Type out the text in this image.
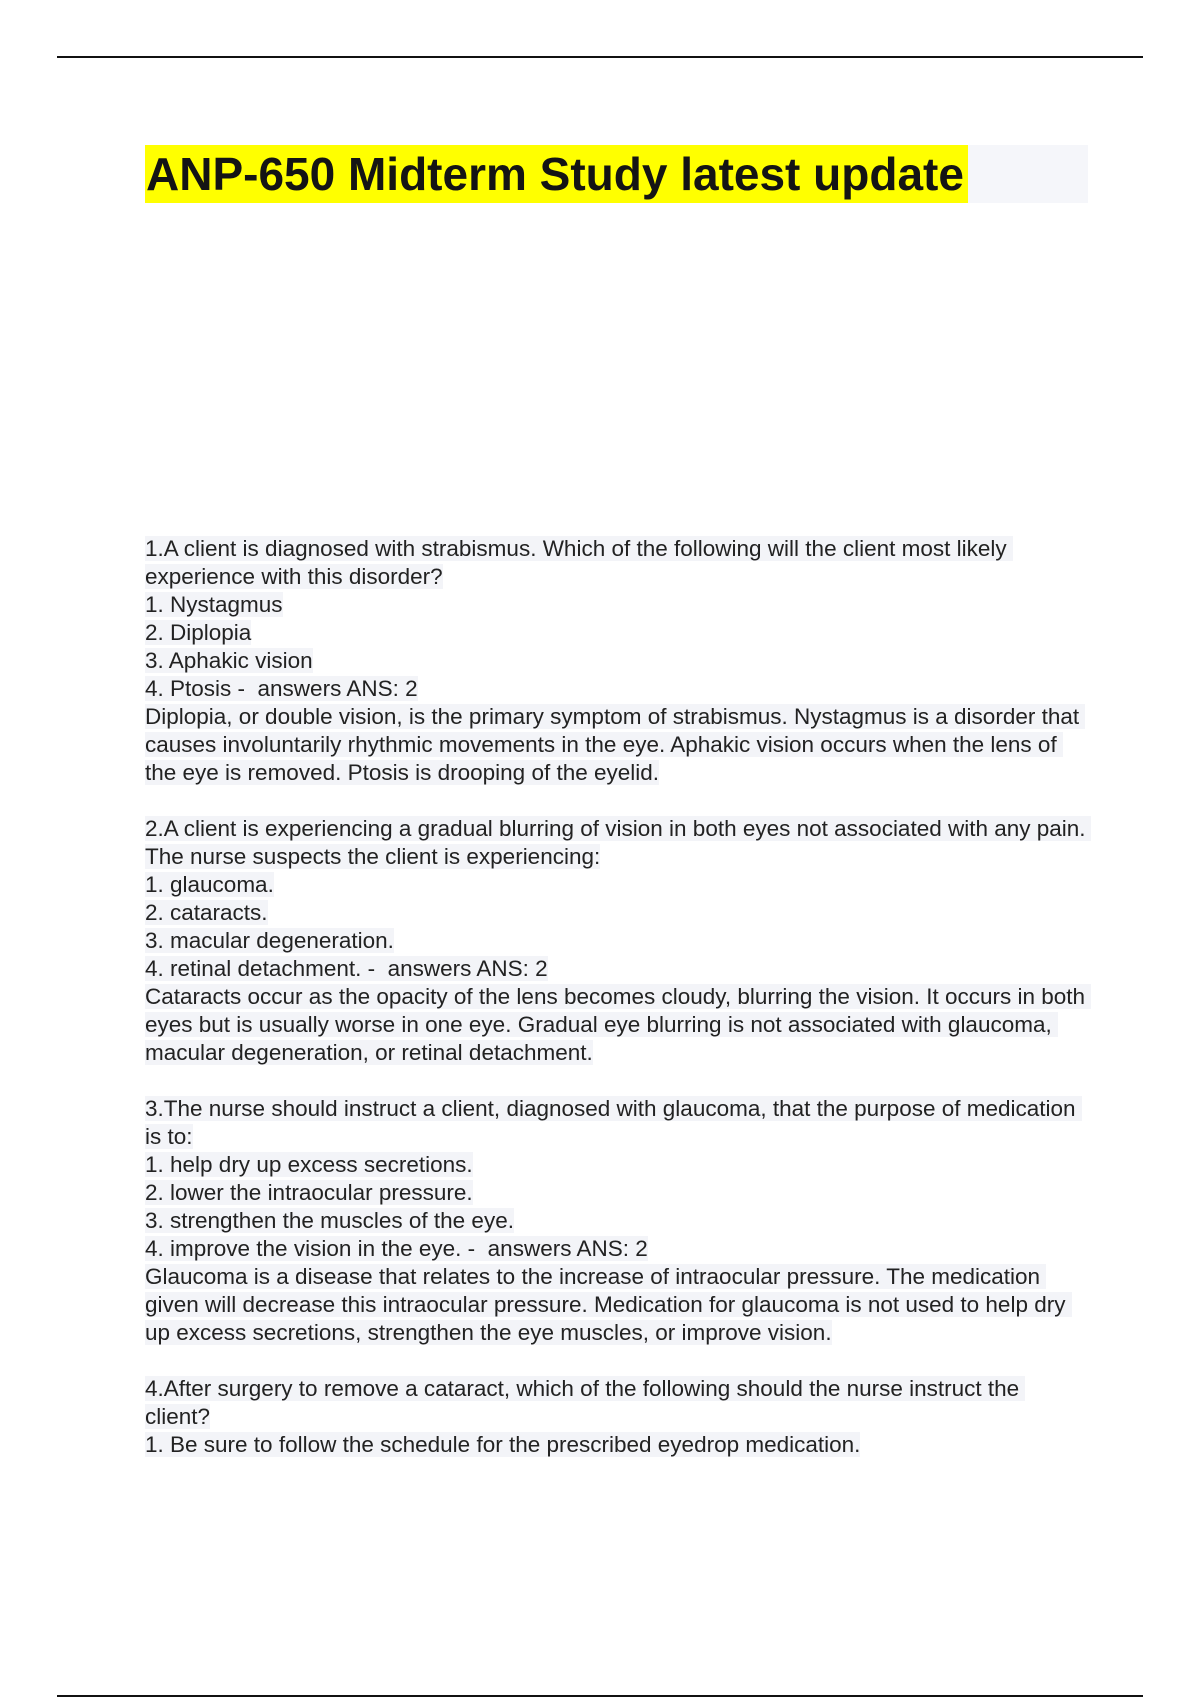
ANP-650 Midterm Study latest update
1.A client is diagnosed with strabismus. Which of the following will the client most likely experience with this disorder?
1. Nystagmus
2. Diplopia
3. Aphakic vision
4. Ptosis -  answers ANS: 2
Diplopia, or double vision, is the primary symptom of strabismus. Nystagmus is a disorder that causes involuntarily rhythmic movements in the eye. Aphakic vision occurs when the lens of the eye is removed. Ptosis is drooping of the eyelid.
2.A client is experiencing a gradual blurring of vision in both eyes not associated with any pain. The nurse suspects the client is experiencing:
1. glaucoma.
2. cataracts.
3. macular degeneration.
4. retinal detachment. -  answers ANS: 2
Cataracts occur as the opacity of the lens becomes cloudy, blurring the vision. It occurs in both eyes but is usually worse in one eye. Gradual eye blurring is not associated with glaucoma, macular degeneration, or retinal detachment.
3.The nurse should instruct a client, diagnosed with glaucoma, that the purpose of medication is to:
1. help dry up excess secretions.
2. lower the intraocular pressure.
3. strengthen the muscles of the eye.
4. improve the vision in the eye. -  answers ANS: 2
Glaucoma is a disease that relates to the increase of intraocular pressure. The medication given will decrease this intraocular pressure. Medication for glaucoma is not used to help dry up excess secretions, strengthen the eye muscles, or improve vision.
4.After surgery to remove a cataract, which of the following should the nurse instruct the client?
1. Be sure to follow the schedule for the prescribed eyedrop medication.
